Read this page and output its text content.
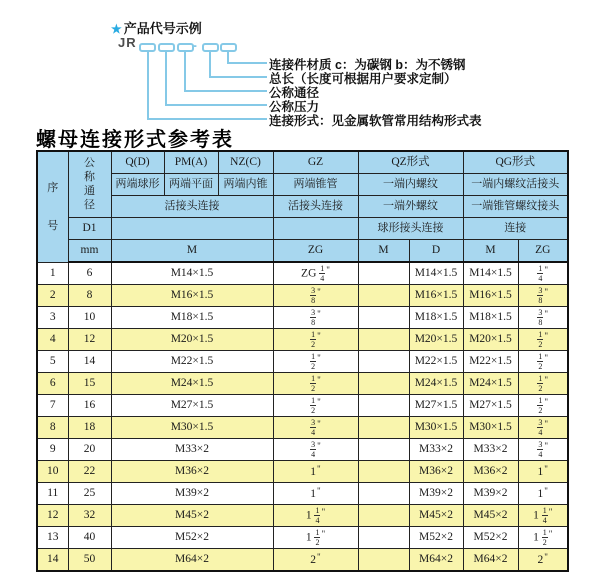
★ 产品代号示例
JR	-
连接件材质 c：为碳钢 b：为不锈钢
总长（长度可根据用户要求定制）
公称通径
公称压力
连接形式：见金属软管常用结构形式表
螺母连接形式参考表
序
号	公
称
通
径	Q(D)	PM(A)	NZ(C)	GZ	QZ形式		QG形式	
		两端球形	两端平面	两端内锥	两端锥管	一端内螺纹		一端内螺纹活接头	
		活接头连接			活接头连接	一端外螺纹		一端锥管螺纹接头	
	D1					球形接头连接		连接	
	mm	M			ZG	M	D	M	ZG
1	6	M14×1.5			ZG $\frac{1}{4} ^"$		M14×1.5	M14×1.5	$\frac{1}{4} ^"$
2	8	M16×1.5			$\frac{3}{8} ^"$		M16×1.5	M16×1.5	$\frac{3}{8} ^"$
3	10	M18×1.5			$\frac{3}{8} ^"$		M18×1.5	M18×1.5	$\frac{3}{8} ^"$
4	12	M20×1.5			$\frac{1}{2} ^"$		M20×1.5	M20×1.5	$\frac{1}{2} ^"$
5	14	M22×1.5			$\frac{1}{2} ^"$		M22×1.5	M22×1.5	$\frac{1}{2} ^"$
6	15	M24×1.5			$\frac{1}{2} ^"$		M24×1.5	M24×1.5	$\frac{1}{2} ^"$
7	16	M27×1.5			$\frac{1}{2} ^"$		M27×1.5	M27×1.5	$\frac{1}{2} ^"$
8	18	M30×1.5			$\frac{3}{4} ^"$		M30×1.5	M30×1.5	$\frac{3}{4} ^"$
9	20	M33×2			$\frac{3}{4} ^"$		M33×2	M33×2	$\frac{3}{4} ^"$
10	22	M36×2			1"		M36×2	M36×2	1"
11	25	M39×2			1"		M39×2	M39×2	1"
12	32	M45×2			$1 \frac{1}{4} ^"$		M45×2	M45×2	$1 \frac{1}{4} ^"$
13	40	M52×2			$1 \frac{1}{2} ^"$		M52×2	M52×2	$1 \frac{1}{2} ^"$
14	50	M64×2			2"		M64×2	M64×2	2"
